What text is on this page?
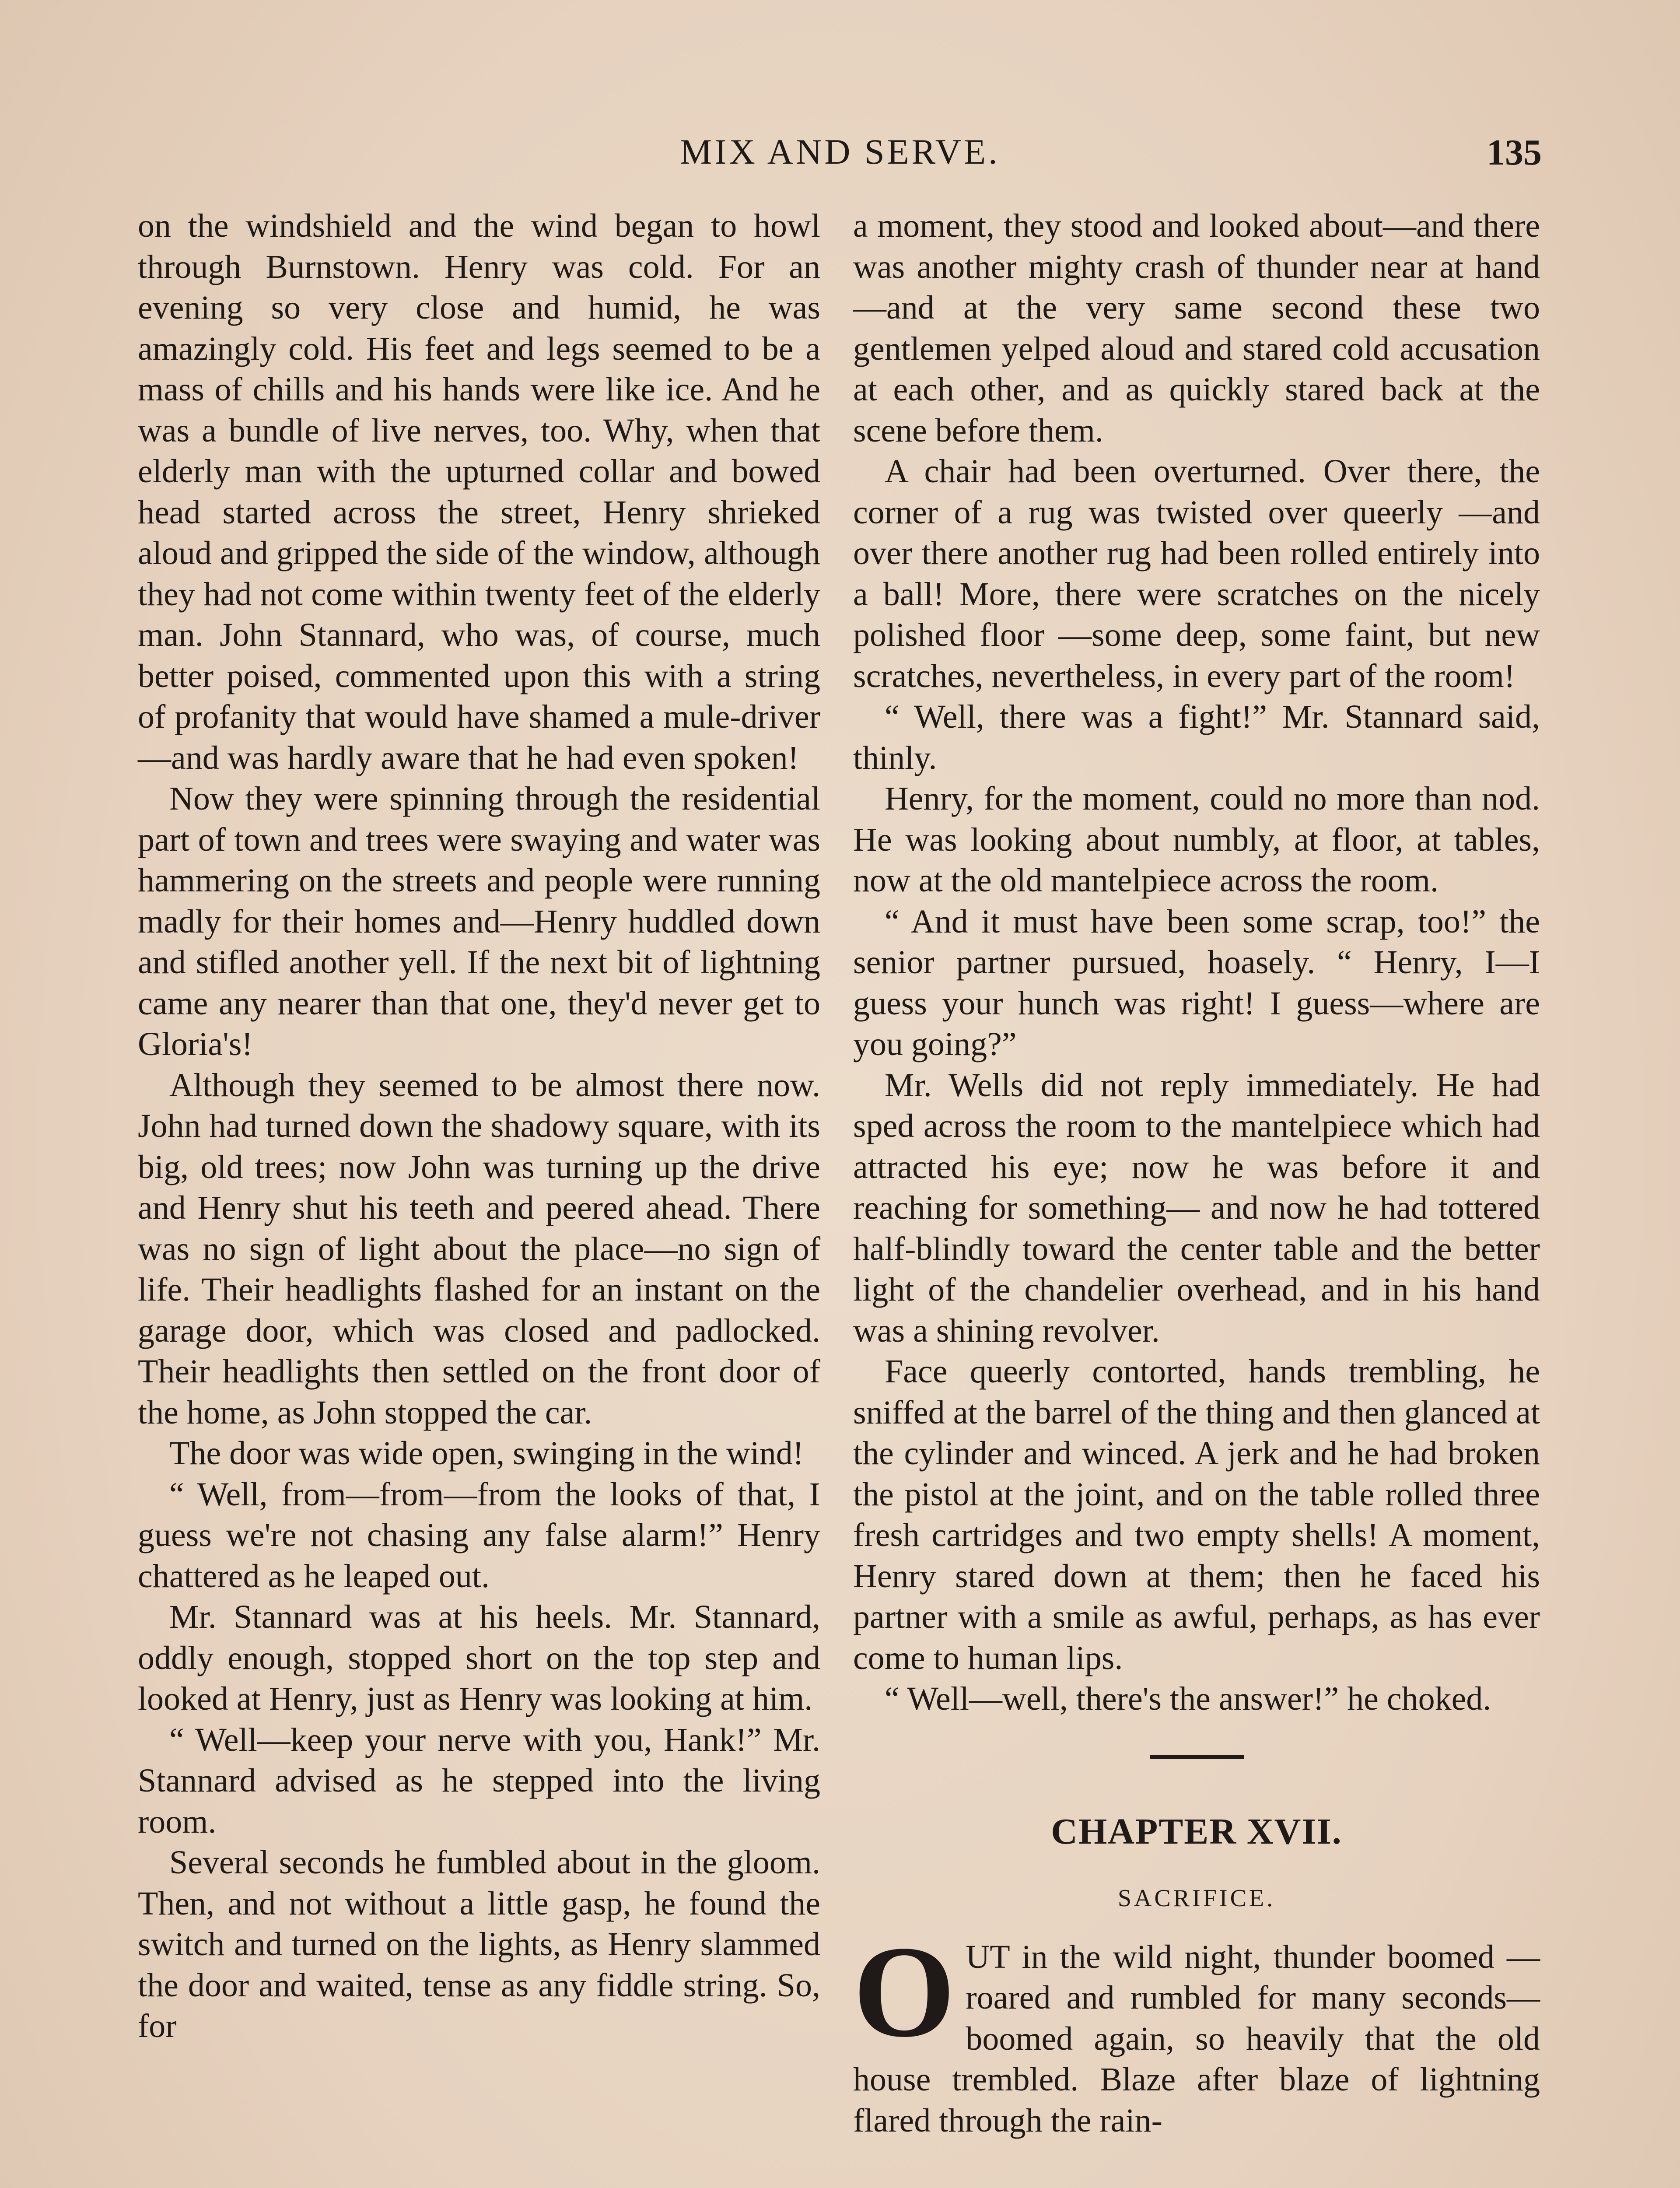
MIX AND SERVE.	135

on the windshield and the wind began to howl through Burnstown. Henry was cold. For an evening so very close and humid, he was amazingly cold. His feet and legs seemed to be a mass of chills and his hands were like ice. And he was a bundle of live nerves, too. Why, when that elderly man with the upturned collar and bowed head started across the street, Henry shrieked aloud and gripped the side of the window, although they had not come within twenty feet of the elderly man. John Stannard, who was, of course, much better poised, commented upon this with a string of profanity that would have shamed a mule-driver—and was hardly aware that he had even spoken!

Now they were spinning through the residential part of town and trees were swaying and water was hammering on the streets and people were running madly for their homes and—Henry huddled down and stifled another yell. If the next bit of lightning came any nearer than that one, they'd never get to Gloria's!

Although they seemed to be almost there now. John had turned down the shadowy square, with its big, old trees; now John was turning up the drive and Henry shut his teeth and peered ahead. There was no sign of light about the place—no sign of life. Their headlights flashed for an instant on the garage door, which was closed and padlocked. Their headlights then settled on the front door of the home, as John stopped the car.

The door was wide open, swinging in the wind!

“ Well, from—from—from the looks of that, I guess we're not chasing any false alarm!” Henry chattered as he leaped out.

Mr. Stannard was at his heels. Mr. Stannard, oddly enough, stopped short on the top step and looked at Henry, just as Henry was looking at him.

“ Well—keep your nerve with you, Hank!” Mr. Stannard advised as he stepped into the living room.

Several seconds he fumbled about in the gloom. Then, and not without a little gasp, he found the switch and turned on the lights, as Henry slammed the door and waited, tense as any fiddle string. So, for

a moment, they stood and looked about—and there was another mighty crash of thunder near at hand—and at the very same second these two gentlemen yelped aloud and stared cold accusation at each other, and as quickly stared back at the scene before them.

A chair had been overturned. Over there, the corner of a rug was twisted over queerly —and over there another rug had been rolled entirely into a ball! More, there were scratches on the nicely polished floor —some deep, some faint, but new scratches, nevertheless, in every part of the room!

“ Well, there was a fight!” Mr. Stannard said, thinly.

Henry, for the moment, could no more than nod. He was looking about numbly, at floor, at tables, now at the old mantelpiece across the room.

“ And it must have been some scrap, too!” the senior partner pursued, hoasely. “ Henry, I—I guess your hunch was right! I guess—where are you going?”

Mr. Wells did not reply immediately. He had sped across the room to the mantelpiece which had attracted his eye; now he was before it and reaching for something— and now he had tottered half-blindly toward the center table and the better light of the chandelier overhead, and in his hand was a shining revolver.

Face queerly contorted, hands trembling, he sniffed at the barrel of the thing and then glanced at the cylinder and winced. A jerk and he had broken the pistol at the joint, and on the table rolled three fresh cartridges and two empty shells! A moment, Henry stared down at them; then he faced his partner with a smile as awful, perhaps, as has ever come to human lips.

“ Well—well, there's the answer!” he choked.

CHAPTER XVII.
SACRIFICE.

OUT in the wild night, thunder boomed —roared and rumbled for many seconds—boomed again, so heavily that the old house trembled. Blaze after blaze of lightning flared through the rain-
